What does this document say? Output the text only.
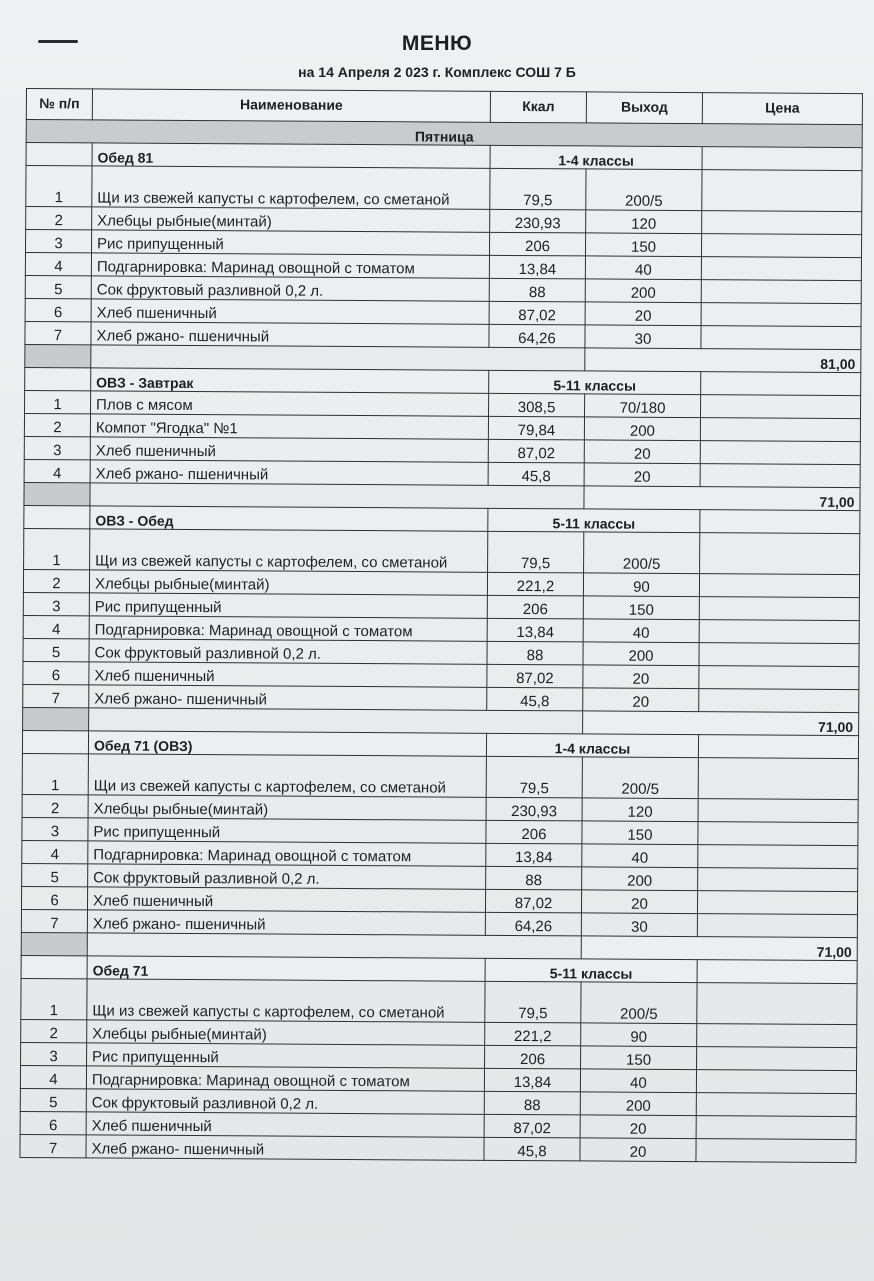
МЕНЮ
на 14 Апреля 2 023 г. Комплекс СОШ 7 Б
№ п/п	Наименование	Ккал	Выход	Цена
Пятница				
	Обед 81	1-4 классы		
1	Щи из свежей капусты с картофелем, со сметаной	79,5	200/5	
2	Хлебцы рыбные(минтай)	230,93	120	
3	Рис припущенный	206	150	
4	Подгарнировка: Маринад овощной с томатом	13,84	40	
5	Сок фруктовый разливной 0,2 л.	88	200	
6	Хлеб пшеничный	87,02	20	
7	Хлеб ржано- пшеничный	64,26	30	
			81,00	
	ОВЗ - Завтрак	5-11 классы		
1	Плов с мясом	308,5	70/180	
2	Компот "Ягодка" №1	79,84	200	
3	Хлеб пшеничный	87,02	20	
4	Хлеб ржано- пшеничный	45,8	20	
			71,00	
	ОВЗ - Обед	5-11 классы		
1	Щи из свежей капусты с картофелем, со сметаной	79,5	200/5	
2	Хлебцы рыбные(минтай)	221,2	90	
3	Рис припущенный	206	150	
4	Подгарнировка: Маринад овощной с томатом	13,84	40	
5	Сок фруктовый разливной 0,2 л.	88	200	
6	Хлеб пшеничный	87,02	20	
7	Хлеб ржано- пшеничный	45,8	20	
			71,00	
	Обед 71 (ОВЗ)	1-4 классы		
1	Щи из свежей капусты с картофелем, со сметаной	79,5	200/5	
2	Хлебцы рыбные(минтай)	230,93	120	
3	Рис припущенный	206	150	
4	Подгарнировка: Маринад овощной с томатом	13,84	40	
5	Сок фруктовый разливной 0,2 л.	88	200	
6	Хлеб пшеничный	87,02	20	
7	Хлеб ржано- пшеничный	64,26	30	
			71,00	
	Обед 71	5-11 классы		
1	Щи из свежей капусты с картофелем, со сметаной	79,5	200/5	
2	Хлебцы рыбные(минтай)	221,2	90	
3	Рис припущенный	206	150	
4	Подгарнировка: Маринад овощной с томатом	13,84	40	
5	Сок фруктовый разливной 0,2 л.	88	200	
6	Хлеб пшеничный	87,02	20	
7	Хлеб ржано- пшеничный	45,8	20	
